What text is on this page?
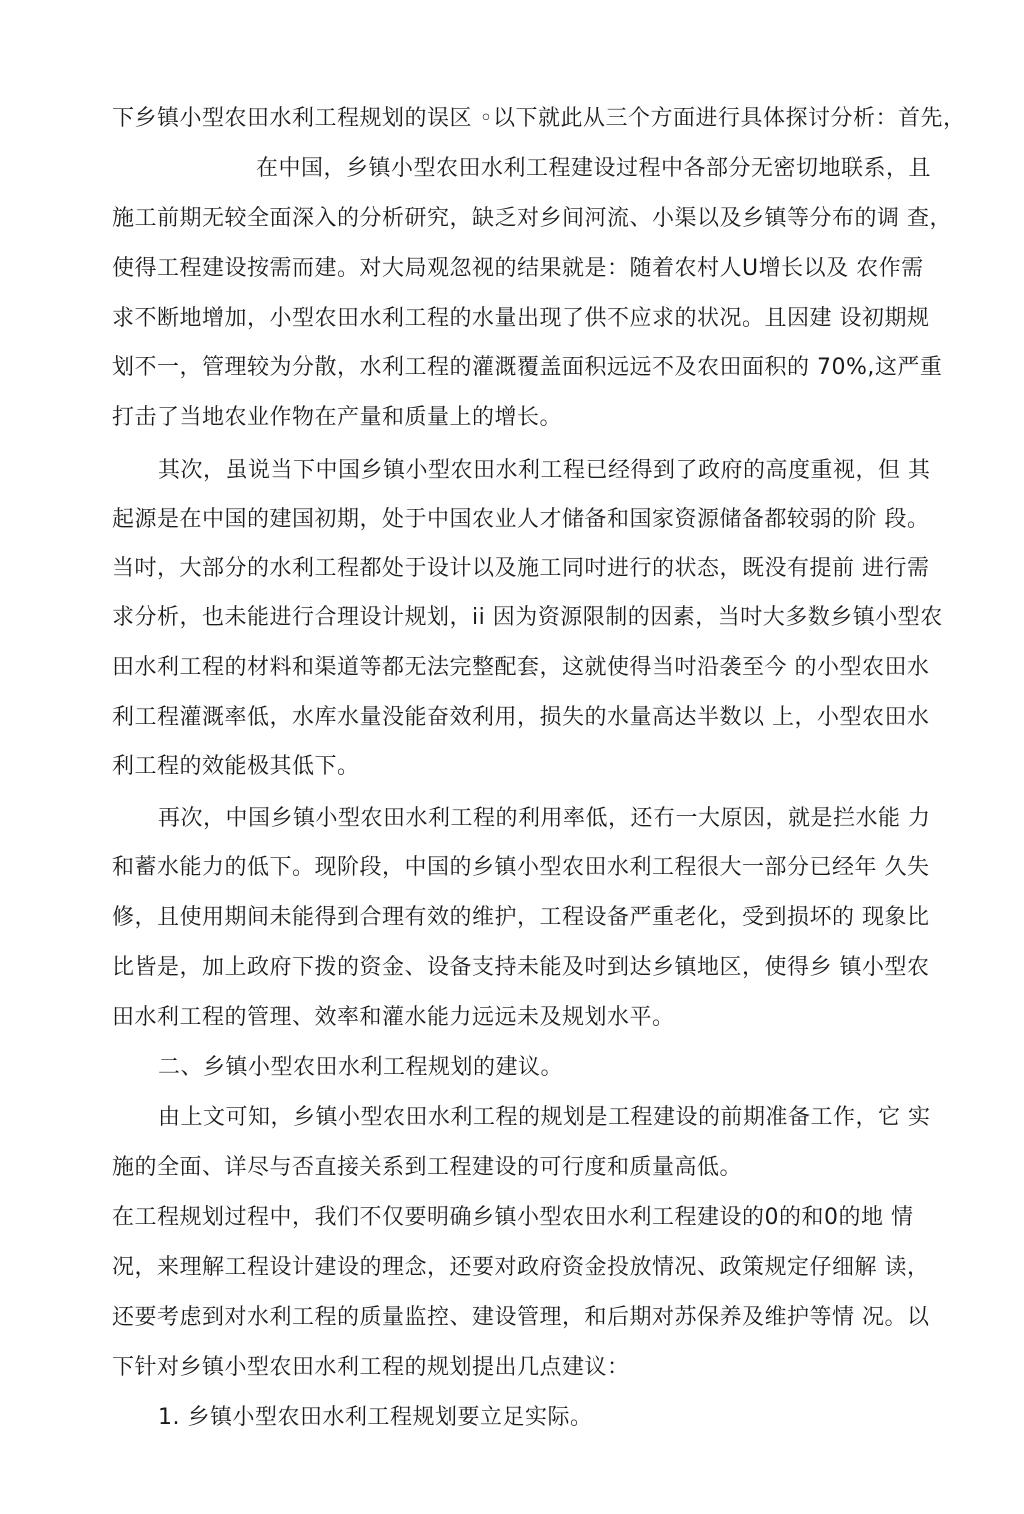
下乡镇小型农田水利工程规划的误区 ◦以下就此从三个方面进行具体探讨分析：首先，
在中国，乡镇小型农田水利工程建设过程中各部分无密切地联系，且
施工前期无较全面深入的分析研究，缺乏对乡间河流、小渠以及乡镇等分布的调 查，
使得工程建设按需而建。对大局观忽视的结果就是：随着农村人U增长以及 农作需
求不断地增加，小型农田水利工程的水量出现了供不应求的状况。且因建 设初期规
划不一，管理较为分散，水利工程的灌溉覆盖面积远远不及农田面积的 70%,这严重
打击了当地农业作物在产量和质量上的增长。
其次，虽说当下中国乡镇小型农田水利工程已经得到了政府的高度重视，但 其
起源是在中国的建国初期，处于中国农业人才储备和国家资源储备都较弱的阶 段。
当吋，大部分的水利工程都处于设计以及施工同吋进行的状态，既没有提前 进行需
求分析，也未能进行合理设计规划，ii 因为资源限制的因素，当吋大多数乡镇小型农
田水利工程的材料和渠道等都无法完整配套，这就使得当吋沿袭至今 的小型农田水
利工程灌溉率低，水库水量没能奋效利用，损失的水量高达半数以 上，小型农田水
利工程的效能极其低下。
再次，中国乡镇小型农田水利工程的利用率低，还冇一大原因，就是拦水能 力
和蓄水能力的低下。现阶段，中国的乡镇小型农田水利工程很大一部分已经年 久失
修，且使用期间未能得到合理有效的维护，工程设备严重老化，受到损坏的 现象比
比皆是，加上政府下拨的资金、设备支持未能及吋到达乡镇地区，使得乡 镇小型农
田水利工程的管理、效率和灌水能力远远未及规划水平。
二、乡镇小型农田水利工程规划的建议。
由上文可知，乡镇小型农田水利工程的规划是工程建设的前期准备工作，它 实
施的全面、详尽与否直接关系到工程建设的可行度和质量高低。
在工程规划过程中，我们不仅要明确乡镇小型农田水利工程建设的0的和0的地 情
况，来理解工程设计建设的理念，还要对政府资金投放情况、政策规定仔细解 读，
还要考虑到对水利工程的质量监控、建设管理，和后期对苏保养及维护等情 况。以
下针对乡镇小型农田水利工程的规划提出几点建议：
1. 乡镇小型农田水利工程规划要立足实际。
